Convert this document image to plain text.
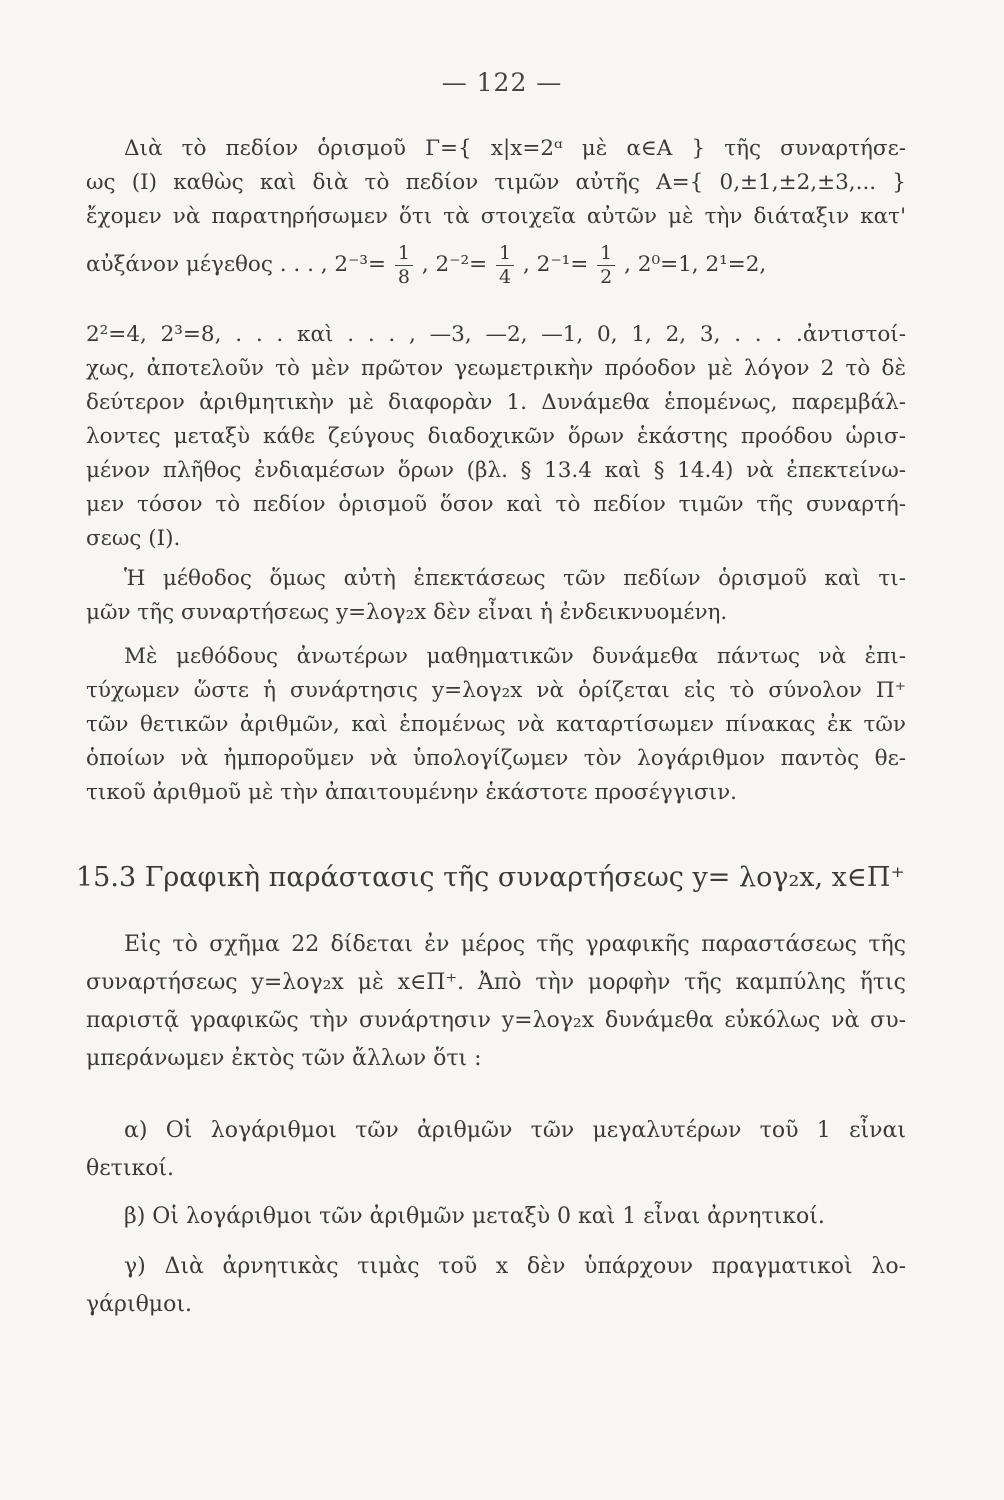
— 122 —
Διὰ τὸ πεδίον ὁρισμοῦ Γ={ x|x=2ᵅ μὲ α∈A } τῆς συναρτήσε-
ως (I) καθὼς καὶ διὰ τὸ πεδίον τιμῶν αὐτῆς A={ 0,±1,±2,±3,... }
ἔχομεν νὰ παρατηρήσωμεν ὅτι τὰ στοιχεῖα αὐτῶν μὲ τὴν διάταξιν κατ'
αὐξάνον μέγεθος . . . , $2^{-3}= \frac{1}{8}$ , $2^{-2}= \frac{1}{4}$ , $2^{-1}= \frac{1}{2}$ , 2⁰=1, 2¹=2,
2²=4, 2³=8, . . . καὶ . . . , —3, —2, —1, 0, 1, 2, 3, . . . .ἀντιστοί-
χως, ἀποτελοῦν τὸ μὲν πρῶτον γεωμετρικὴν πρόοδον μὲ λόγον 2 τὸ δὲ
δεύτερον ἀριθμητικὴν μὲ διαφορὰν 1. Δυνάμεθα ἑπομένως, παρεμβάλ-
λοντες μεταξὺ κάθε ζεύγους διαδοχικῶν ὅρων ἑκάστης προόδου ὡρισ-
μένον πλῆθος ἐνδιαμέσων ὅρων (βλ. § 13.4 καὶ § 14.4) νὰ ἐπεκτείνω-
μεν τόσον τὸ πεδίον ὁρισμοῦ ὅσον καὶ τὸ πεδίον τιμῶν τῆς συναρτή-
σεως (I).
Ἡ μέθοδος ὅμως αὐτὴ ἐπεκτάσεως τῶν πεδίων ὁρισμοῦ καὶ τι-
μῶν τῆς συναρτήσεως y=λογ₂x δὲν εἶναι ἡ ἐνδεικνυομένη.
Μὲ μεθόδους ἀνωτέρων μαθηματικῶν δυνάμεθα πάντως νὰ ἐπι-
τύχωμεν ὥστε ἡ συνάρτησις y=λογ₂x νὰ ὁρίζεται εἰς τὸ σύνολον Π⁺
τῶν θετικῶν ἀριθμῶν, καὶ ἑπομένως νὰ καταρτίσωμεν πίνακας ἐκ τῶν
ὁποίων νὰ ἠμποροῦμεν νὰ ὑπολογίζωμεν τὸν λογάριθμον παντὸς θε-
τικοῦ ἀριθμοῦ μὲ τὴν ἀπαιτουμένην ἑκάστοτε προσέγγισιν.
15.3 Γραφικὴ παράστασις τῆς συναρτήσεως y= λογ₂x, x∈Π⁺
Εἰς τὸ σχῆμα 22 δίδεται ἐν μέρος τῆς γραφικῆς παραστάσεως τῆς
συναρτήσεως y=λογ₂x μὲ x∈Π⁺. Ἀπὸ τὴν μορφὴν τῆς καμπύλης ἥτις
παριστᾷ γραφικῶς τὴν συνάρτησιν y=λογ₂x δυνάμεθα εὐκόλως νὰ συ-
μπεράνωμεν ἐκτὸς τῶν ἄλλων ὅτι :
α) Οἱ λογάριθμοι τῶν ἀριθμῶν τῶν μεγαλυτέρων τοῦ 1 εἶναι
θετικοί.
β) Οἱ λογάριθμοι τῶν ἀριθμῶν μεταξὺ 0 καὶ 1 εἶναι ἀρνητικοί.
γ) Διὰ ἀρνητικὰς τιμὰς τοῦ x δὲν ὑπάρχουν πραγματικοὶ λο-
γάριθμοι.
